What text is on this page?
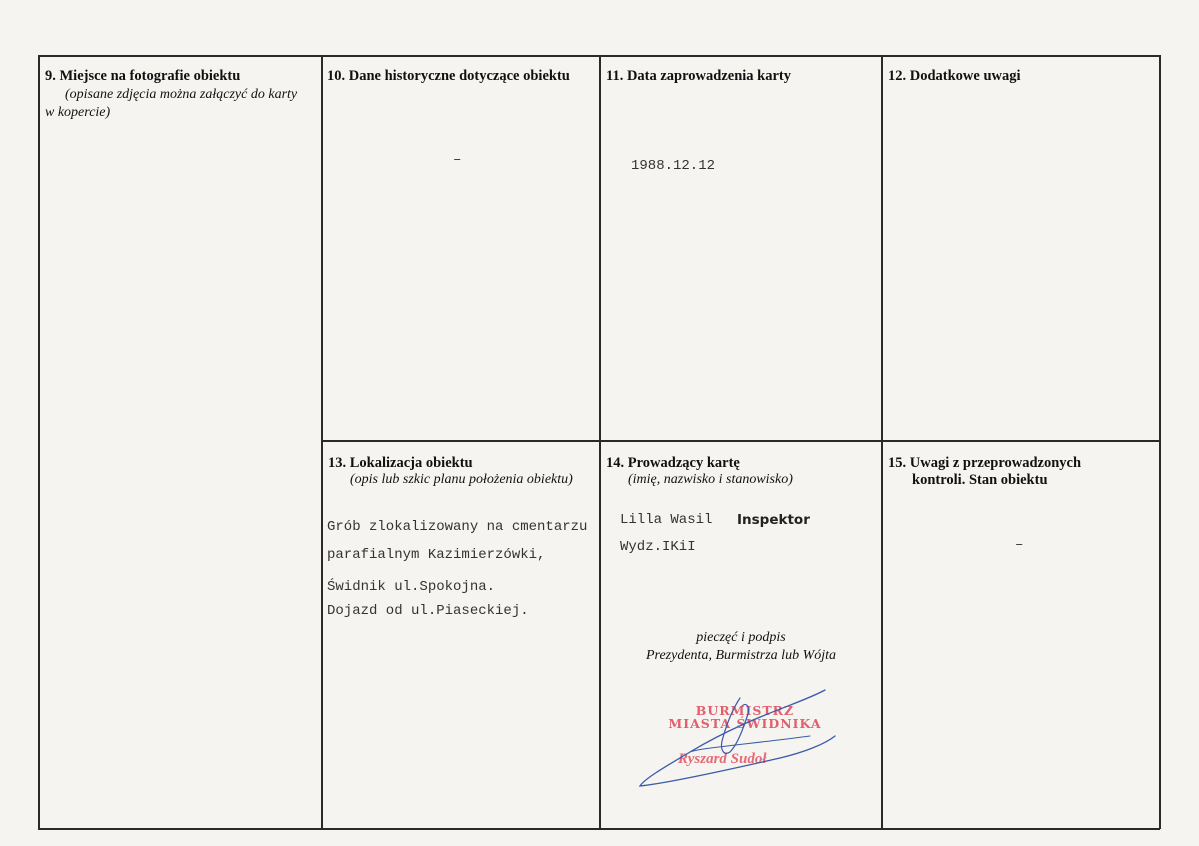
9. Miejsce na fotografie obiektu
(opisane zdjęcia można załączyć do karty w kopercie)
10. Dane historyczne dotyczące obiektu
–
11. Data zaprowadzenia karty
1988.12.12
12. Dodatkowe uwagi
13. Lokalizacja obiektu
(opis lub szkic planu położenia obiektu)
Grób zlokalizowany na cmentarzu
parafialnym Kazimierzówki,
Świdnik ul.Spokojna.
Dojazd od ul.Piaseckiej.
14. Prowadzący kartę
(imię, nazwisko i stanowisko)
Lilla Wasil Inspektor
Wydz.IKiI
pieczęć i podpis
Prezydenta, Burmistrza lub Wójta
BURMISTRZ
MIASTA ŚWIDNIKA
Ryszard Sudoł
15. Uwagi z przeprowadzonych
kontroli. Stan obiektu
–
